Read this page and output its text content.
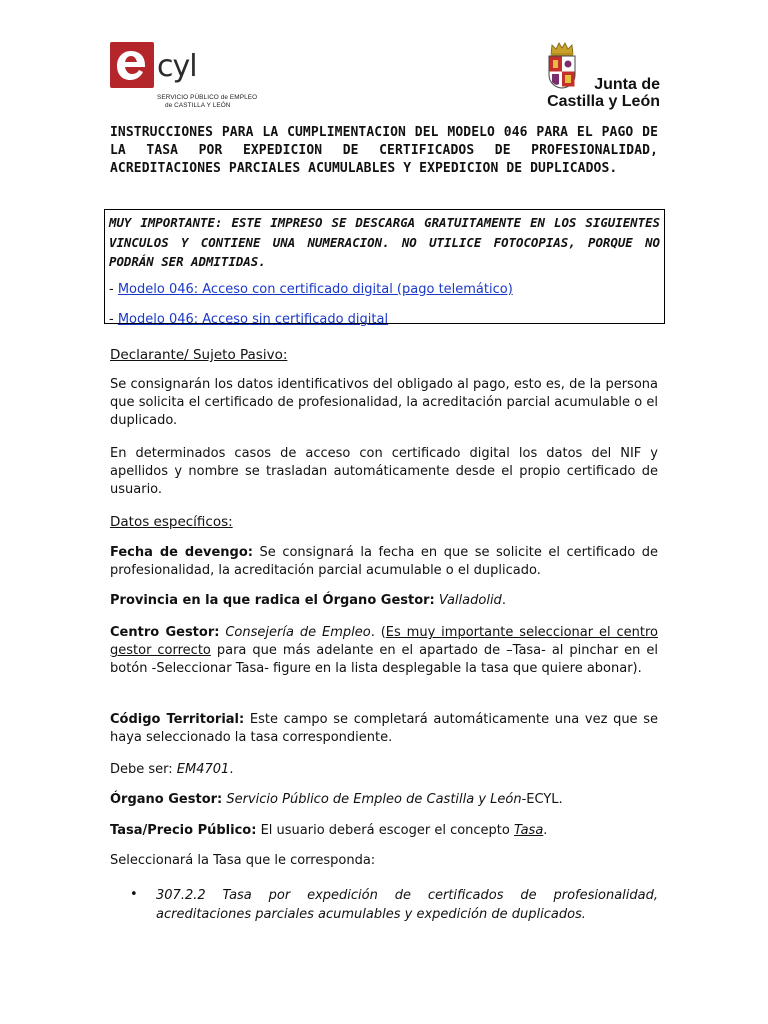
cyl
SERVICIO PÚBLICO de EMPLEO
de CASTILLA Y LEÓN
Junta de
Castilla y León

INSTRUCCIONES PARA LA CUMPLIMENTACION DEL MODELO 046 PARA EL PAGO DE LA TASA POR EXPEDICION DE CERTIFICADOS DE PROFESIONALIDAD, ACREDITACIONES PARCIALES ACUMULABLES Y EXPEDICION DE DUPLICADOS.

MUY IMPORTANTE: ESTE IMPRESO SE DESCARGA GRATUITAMENTE EN LOS SIGUIENTES VINCULOS Y CONTIENE UNA NUMERACION. NO UTILICE FOTOCOPIAS, PORQUE NO PODRÁN SER ADMITIDAS.

- Modelo 046: Acceso con certificado digital (pago telemático)

- Modelo 046: Acceso sin certificado digital

Declarante/ Sujeto Pasivo:

Se consignarán los datos identificativos del obligado al pago, esto es, de la persona que solicita el certificado de profesionalidad, la acreditación parcial acumulable o el duplicado.

En determinados casos de acceso con certificado digital los datos del NIF y apellidos y nombre se trasladan automáticamente desde el propio certificado de usuario.

Datos específicos:

Fecha de devengo: Se consignará la fecha en que se solicite el certificado de profesionalidad, la acreditación parcial acumulable o el duplicado.

Provincia en la que radica el Órgano Gestor: Valladolid.

Centro Gestor: Consejería de Empleo. (Es muy importante seleccionar el centro gestor correcto para que más adelante en el apartado de –Tasa- al pinchar en el botón -Seleccionar Tasa- figure en la lista desplegable la tasa que quiere abonar).

Código Territorial: Este campo se completará automáticamente una vez que se haya seleccionado la tasa correspondiente.

Debe ser: EM4701.

Órgano Gestor: Servicio Público de Empleo de Castilla y León-ECYL.

Tasa/Precio Público: El usuario deberá escoger el concepto Tasa.

Seleccionará la Tasa que le corresponda:

• 307.2.2 Tasa por expedición de certificados de profesionalidad, acreditaciones parciales acumulables y expedición de duplicados.
